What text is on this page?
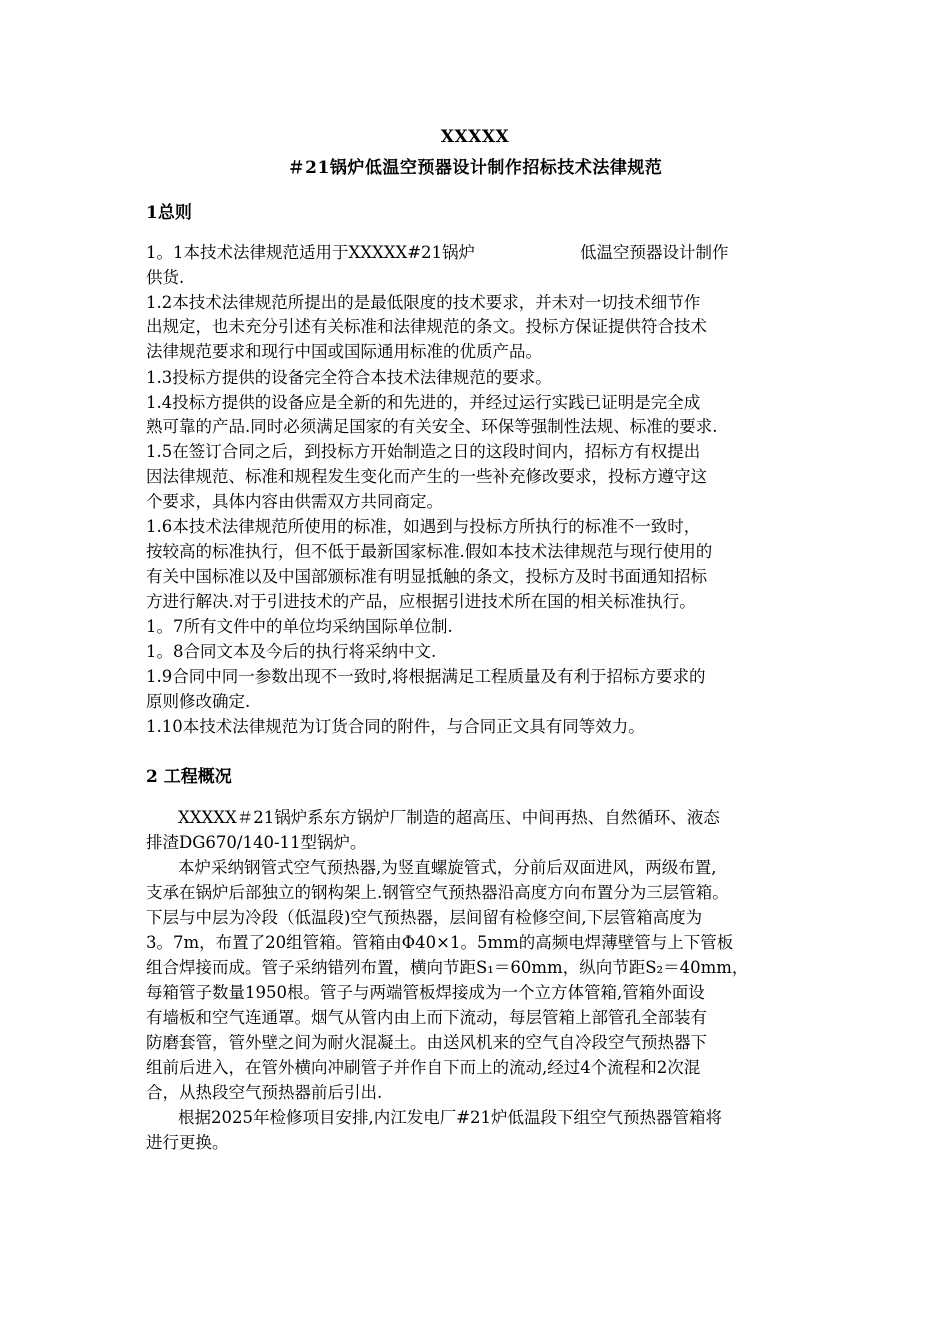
XXXXX
＃21锅炉低温空预器设计制作招标技术法律规范
1总则
1。1本技术法律规范适用于XXXXX#21锅炉                    低温空预器设计制作
供货.
1.2本技术法律规范所提出的是最低限度的技术要求，并未对一切技术细节作
出规定，也未充分引述有关标准和法律规范的条文。投标方保证提供符合技术
法律规范要求和现行中国或国际通用标准的优质产品。
1.3投标方提供的设备完全符合本技术法律规范的要求。
1.4投标方提供的设备应是全新的和先进的，并经过运行实践已证明是完全成
熟可靠的产品.同时必须满足国家的有关安全、环保等强制性法规、标准的要求.
1.5在签订合同之后，到投标方开始制造之日的这段时间内，招标方有权提出
因法律规范、标准和规程发生变化而产生的一些补充修改要求，投标方遵守这
个要求，具体内容由供需双方共同商定。
1.6本技术法律规范所使用的标准，如遇到与投标方所执行的标准不一致时，
按较高的标准执行，但不低于最新国家标准.假如本技术法律规范与现行使用的
有关中国标准以及中国部颁标准有明显抵触的条文，投标方及时书面通知招标
方进行解决.对于引进技术的产品，应根据引进技术所在国的相关标准执行。
1。7所有文件中的单位均采纳国际单位制.
1。8合同文本及今后的执行将采纳中文.
1.9合同中同一参数出现不一致时,将根据满足工程质量及有利于招标方要求的
原则修改确定.
1.10本技术法律规范为订货合同的附件，与合同正文具有同等效力。
2 工程概况
XXXXX＃21锅炉系东方锅炉厂制造的超高压、中间再热、自然循环、液态
排渣DG670/140-11型锅炉。
本炉采纳钢管式空气预热器,为竖直螺旋管式，分前后双面进风，两级布置,
支承在锅炉后部独立的钢构架上.钢管空气预热器沿高度方向布置分为三层管箱。
下层与中层为冷段（低温段)空气预热器，层间留有检修空间,下层管箱高度为
3。7m，布置了20组管箱。管箱由Φ40×1。5mm的高频电焊薄壁管与上下管板
组合焊接而成。管子采纳错列布置，横向节距S₁＝60mm，纵向节距S₂＝40mm，
每箱管子数量1950根。管子与两端管板焊接成为一个立方体管箱,管箱外面设
有墙板和空气连通罩。烟气从管内由上而下流动，每层管箱上部管孔全部装有
防磨套管，管外壁之间为耐火混凝土。由送风机来的空气自冷段空气预热器下
组前后进入，在管外横向冲刷管子并作自下而上的流动,经过4个流程和2次混
合，从热段空气预热器前后引出.
根据2025年检修项目安排,内江发电厂#21炉低温段下组空气预热器管箱将
进行更换。
